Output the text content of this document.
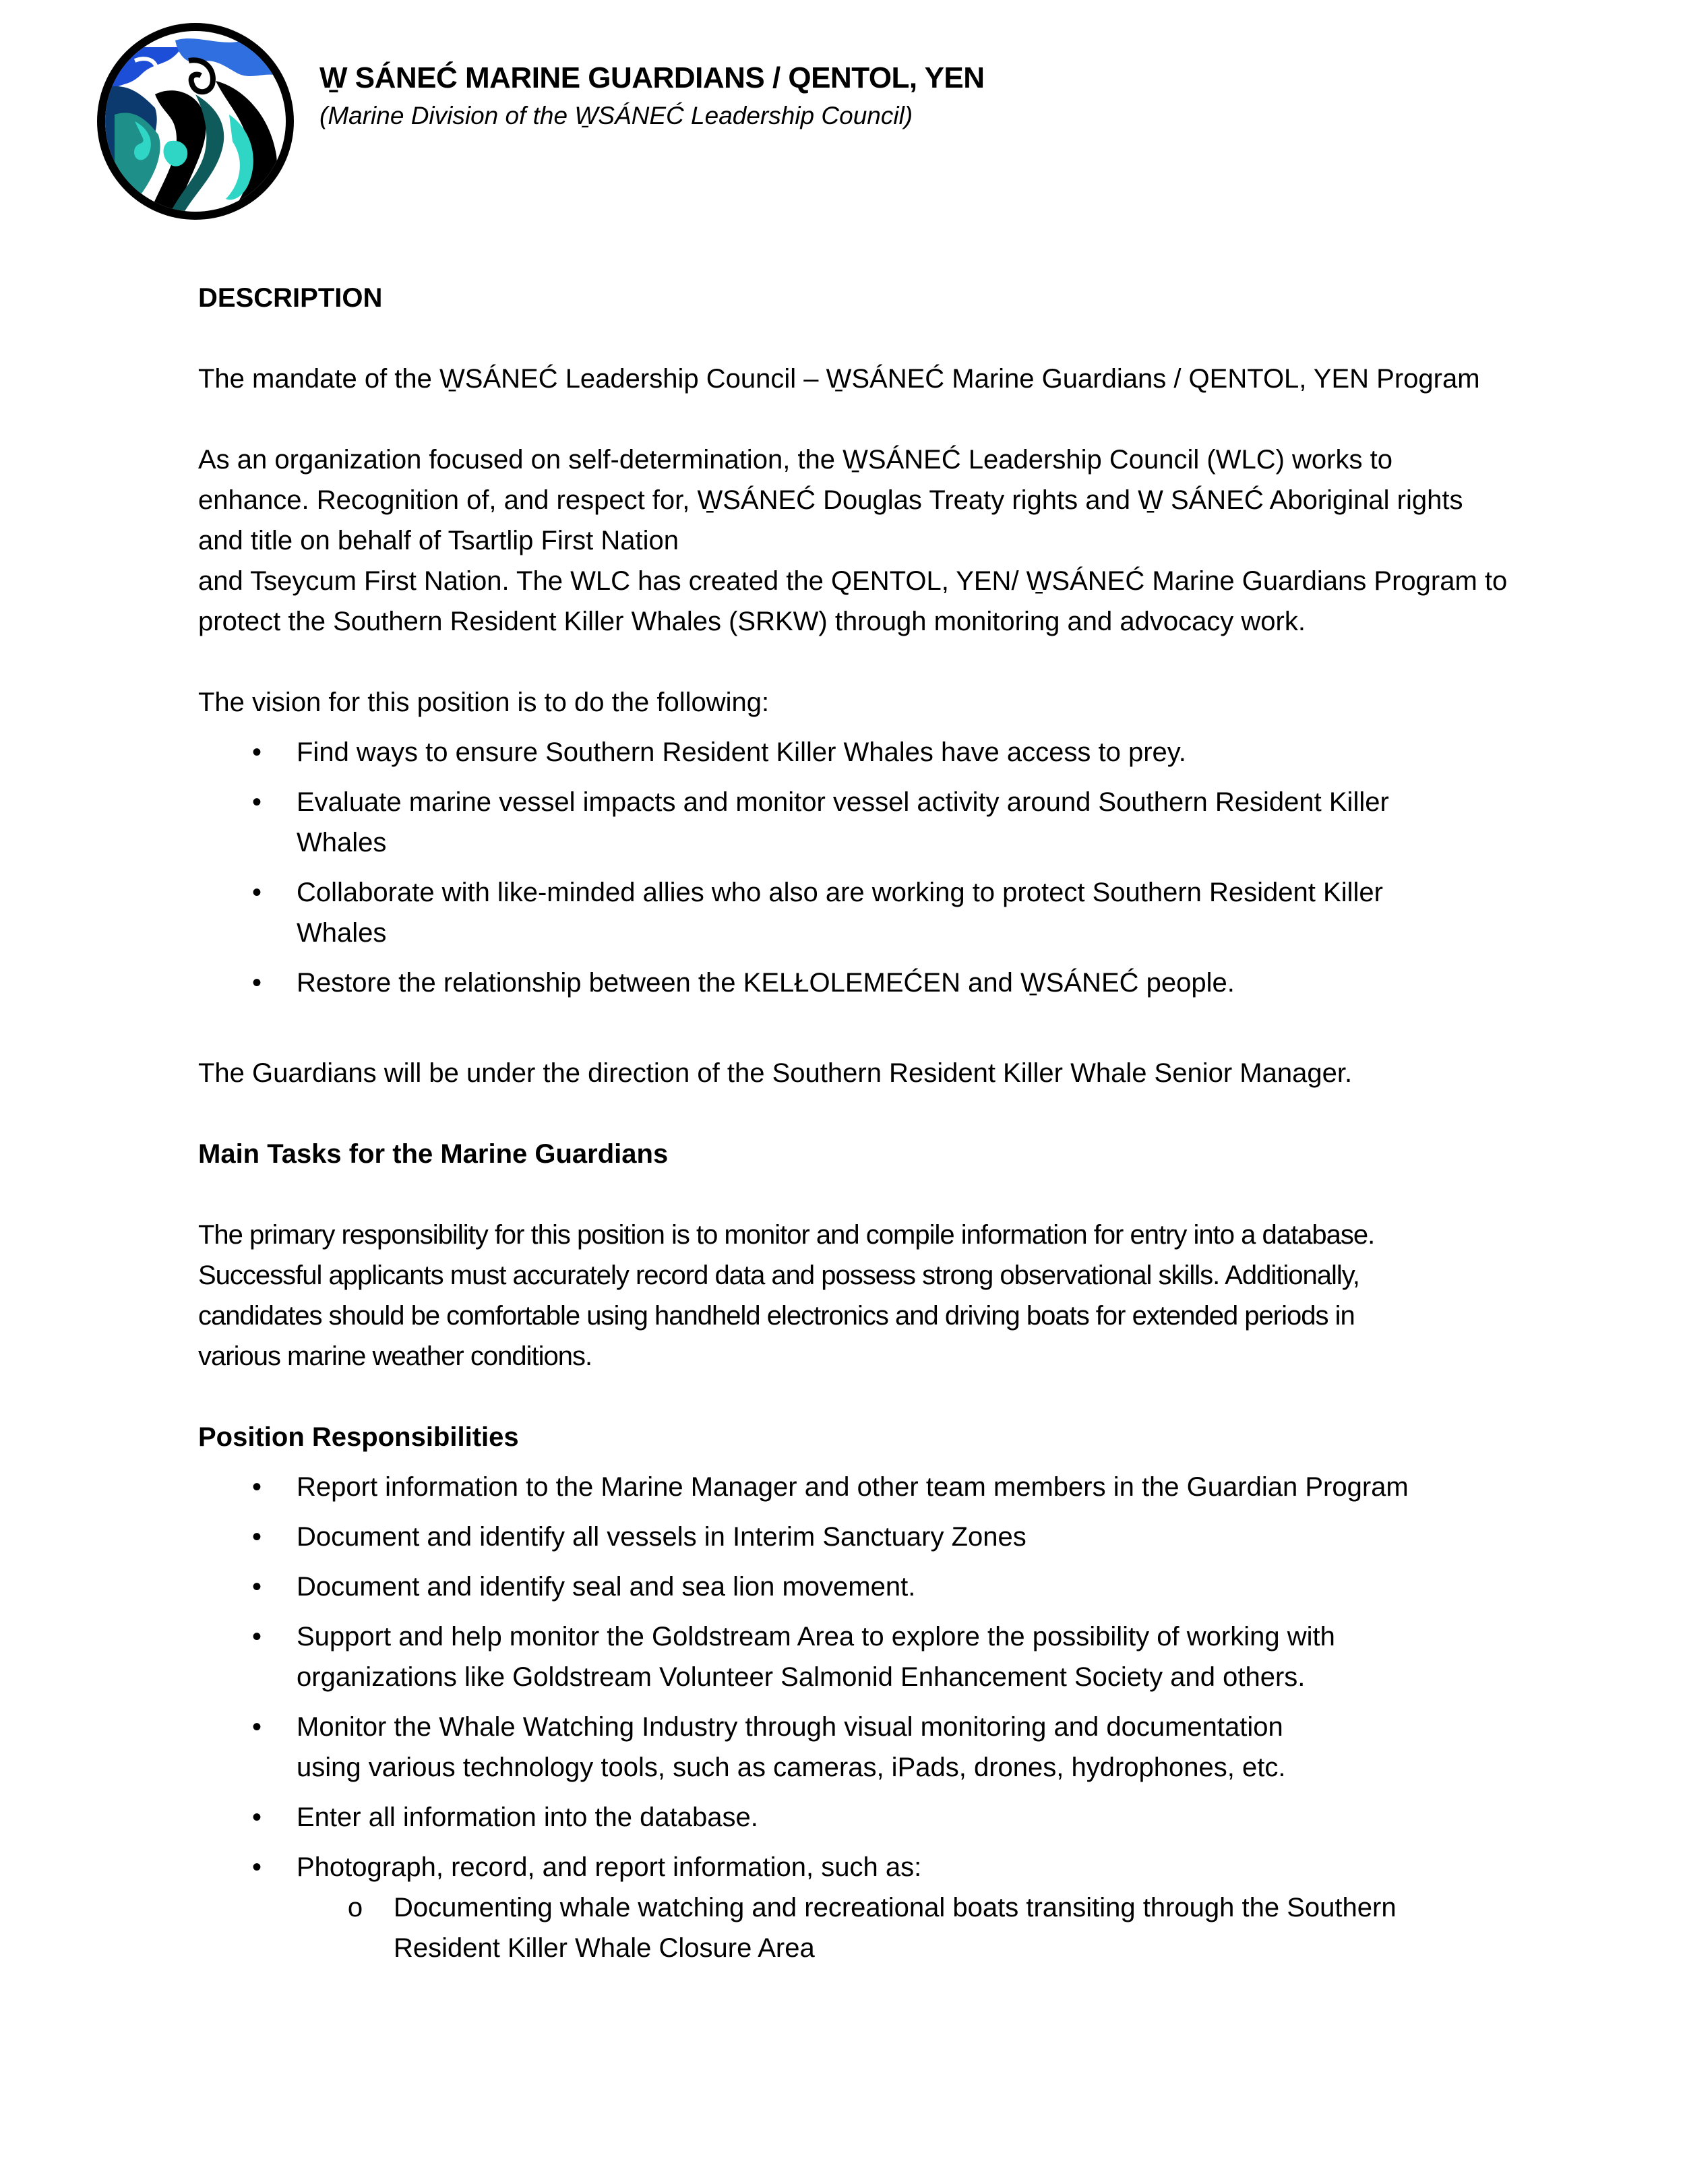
W̱ SÁNEĆ MARINE GUARDIANS / QENTOL, YEN
(Marine Division of the W̱SÁNEĆ Leadership Council)

DESCRIPTION

The mandate of the W̱SÁNEĆ Leadership Council – W̱SÁNEĆ Marine Guardians / QENTOL, YEN Program

As an organization focused on self-determination, the W̱SÁNEĆ Leadership Council (WLC) works to

enhance. Recognition of, and respect for, W̱SÁNEĆ Douglas Treaty rights and W̱ SÁNEĆ Aboriginal rights

and title on behalf of Tsartlip First Nation

and Tseycum First Nation. The WLC has created the QENTOL, YEN/ W̱SÁNEĆ Marine Guardians Program to

protect the Southern Resident Killer Whales (SRKW) through monitoring and advocacy work.

The vision for this position is to do the following:

• Find ways to ensure Southern Resident Killer Whales have access to prey.

• Evaluate marine vessel impacts and monitor vessel activity around Southern Resident Killer

Whales

• Collaborate with like-minded allies who also are working to protect Southern Resident Killer

Whales

• Restore the relationship between the KELŁOLEMEĆEN and W̱SÁNEĆ people.

The Guardians will be under the direction of the Southern Resident Killer Whale Senior Manager.

Main Tasks for the Marine Guardians

The primary responsibility for this position is to monitor and compile information for entry into a database.

Successful applicants must accurately record data and possess strong observational skills. Additionally,

candidates should be comfortable using handheld electronics and driving boats for extended periods in

various marine weather conditions.

Position Responsibilities

• Report information to the Marine Manager and other team members in the Guardian Program

• Document and identify all vessels in Interim Sanctuary Zones

• Document and identify seal and sea lion movement.

• Support and help monitor the Goldstream Area to explore the possibility of working with

organizations like Goldstream Volunteer Salmonid Enhancement Society and others.

• Monitor the Whale Watching Industry through visual monitoring and documentation

using various technology tools, such as cameras, iPads, drones, hydrophones, etc.

• Enter all information into the database.

• Photograph, record, and report information, such as:

o Documenting whale watching and recreational boats transiting through the Southern

Resident Killer Whale Closure Area
